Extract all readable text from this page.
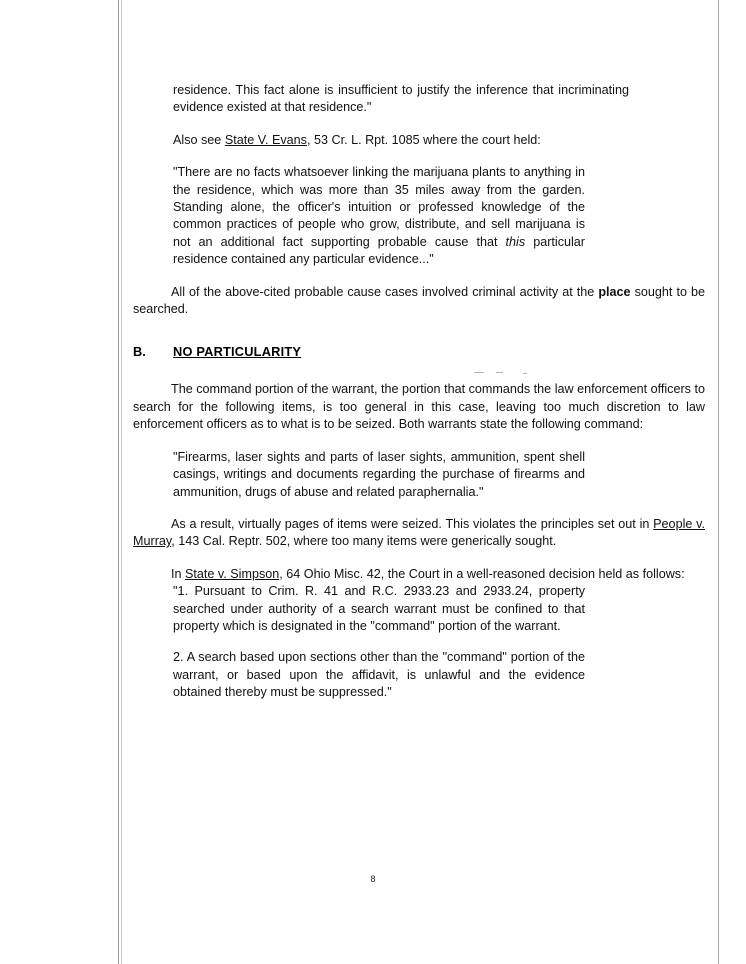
residence. This fact alone is insufficient to justify the inference that incriminating evidence existed at that residence."

Also see State V. Evans, 53 Cr. L. Rpt. 1085 where the court held:

"There are no facts whatsoever linking the marijuana plants to anything in the residence, which was more than 35 miles away from the garden. Standing alone, the officer's intuition or professed knowledge of the common practices of people who grow, distribute, and sell marijuana is not an additional fact supporting probable cause that this particular residence contained any particular evidence..."

All of the above-cited probable cause cases involved criminal activity at the place sought to be searched.

B.	NO PARTICULARITY

The command portion of the warrant, the portion that commands the law enforcement officers to search for the following items, is too general in this case, leaving too much discretion to law enforcement officers as to what is to be seized. Both warrants state the following command:

"Firearms, laser sights and parts of laser sights, ammunition, spent shell casings, writings and documents regarding the purchase of firearms and ammunition, drugs of abuse and related paraphernalia."

As a result, virtually pages of items were seized. This violates the principles set out in People v. Murray, 143 Cal. Reptr. 502, where too many items were generically sought.

In State v. Simpson, 64 Ohio Misc. 42, the Court in a well-reasoned decision held as follows:

"1. Pursuant to Crim. R. 41 and R.C. 2933.23 and 2933.24, property searched under authority of a search warrant must be confined to that property which is designated in the "command" portion of the warrant.

2. A search based upon sections other than the "command" portion of the warrant, or based upon the affidavit, is unlawful and the evidence obtained thereby must be suppressed."

8
